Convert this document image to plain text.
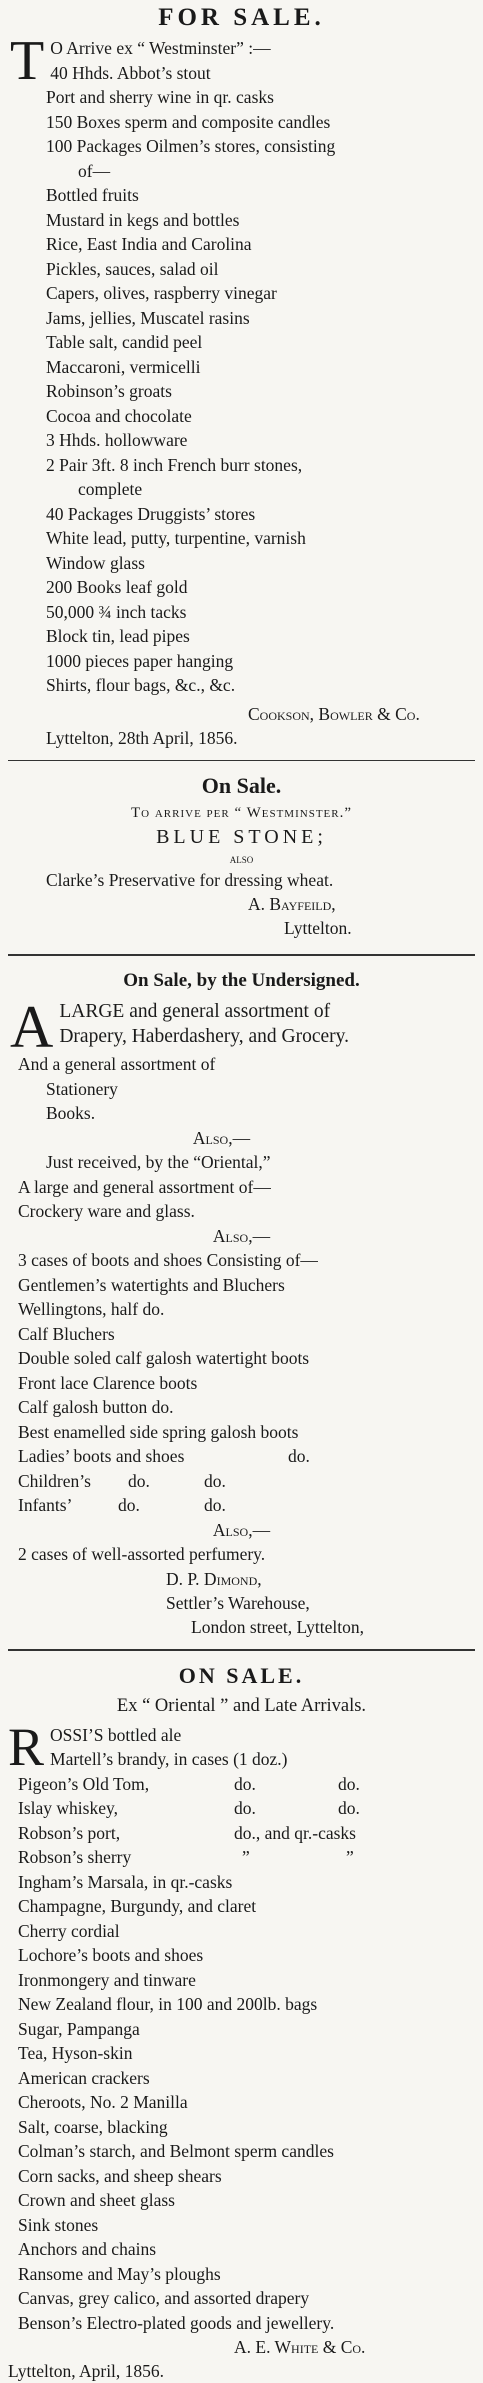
FOR SALE.
T O Arrive ex “ Westminster” :—
40 Hhds. Abbot’s stout
Port and sherry wine in qr. casks
150 Boxes sperm and composite candles
100 Packages Oilmen’s stores, consisting
of—
Bottled fruits
Mustard in kegs and bottles
Rice, East India and Carolina
Pickles, sauces, salad oil
Capers, olives, raspberry vinegar
Jams, jellies, Muscatel rasins
Table salt, candid peel
Maccaroni, vermicelli
Robinson’s groats
Cocoa and chocolate
3 Hhds. hollowware
2 Pair 3ft. 8 inch French burr stones,
complete
40 Packages Druggists’ stores
White lead, putty, turpentine, varnish
Window glass
200 Books leaf gold
50,000 ¾ inch tacks
Block tin, lead pipes
1000 pieces paper hanging
Shirts, flour bags, &c., &c.
Cookson, Bowler & Co.
Lyttelton, 28th April, 1856.
On Sale.
To arrive per “ Westminster.”
BLUE STONE;
also
Clarke’s Preservative for dressing wheat.
A. Bayfeild,
Lyttelton.
On Sale, by the Undersigned.
A LARGE and general assortment of
Drapery, Haberdashery, and Grocery.
And a general assortment of
Stationery
Books.
Also,—
Just received, by the “Oriental,”
A large and general assortment of—
Crockery ware and glass.
Also,—
3 cases of boots and shoes Consisting of—
Gentlemen’s watertights and Bluchers
Wellingtons, half do.
Calf Bluchers
Double soled calf galosh watertight boots
Front lace Clarence boots
Calf galosh button do.
Best enamelled side spring galosh boots
Ladies’ boots and shoes	do.
Children’s do.	do.
Infants’	do.	do.
Also,—
2 cases of well-assorted perfumery.
D. P. Dimond,
Settler’s Warehouse,
London street, Lyttelton,
ON SALE.
Ex “ Oriental ” and Late Arrivals.
R OSSI’S bottled ale
Martell’s brandy, in cases (1 doz.)
Pigeon’s Old Tom,	do.	do.
Islay whiskey,	do.	do.
Robson’s port,	do., and qr.-casks
Robson’s sherry	”	”
Ingham’s Marsala, in qr.-casks
Champagne, Burgundy, and claret
Cherry cordial
Lochore’s boots and shoes
Ironmongery and tinware
New Zealand flour, in 100 and 200lb. bags
Sugar, Pampanga
Tea, Hyson-skin
American crackers
Cheroots, No. 2 Manilla
Salt, coarse, blacking
Colman’s starch, and Belmont sperm candles
Corn sacks, and sheep shears
Crown and sheet glass
Sink stones
Anchors and chains
Ransome and May’s ploughs
Canvas, grey calico, and assorted drapery
Benson’s Electro-plated goods and jewellery.
A. E. White & Co.
Lyttelton, April, 1856.
